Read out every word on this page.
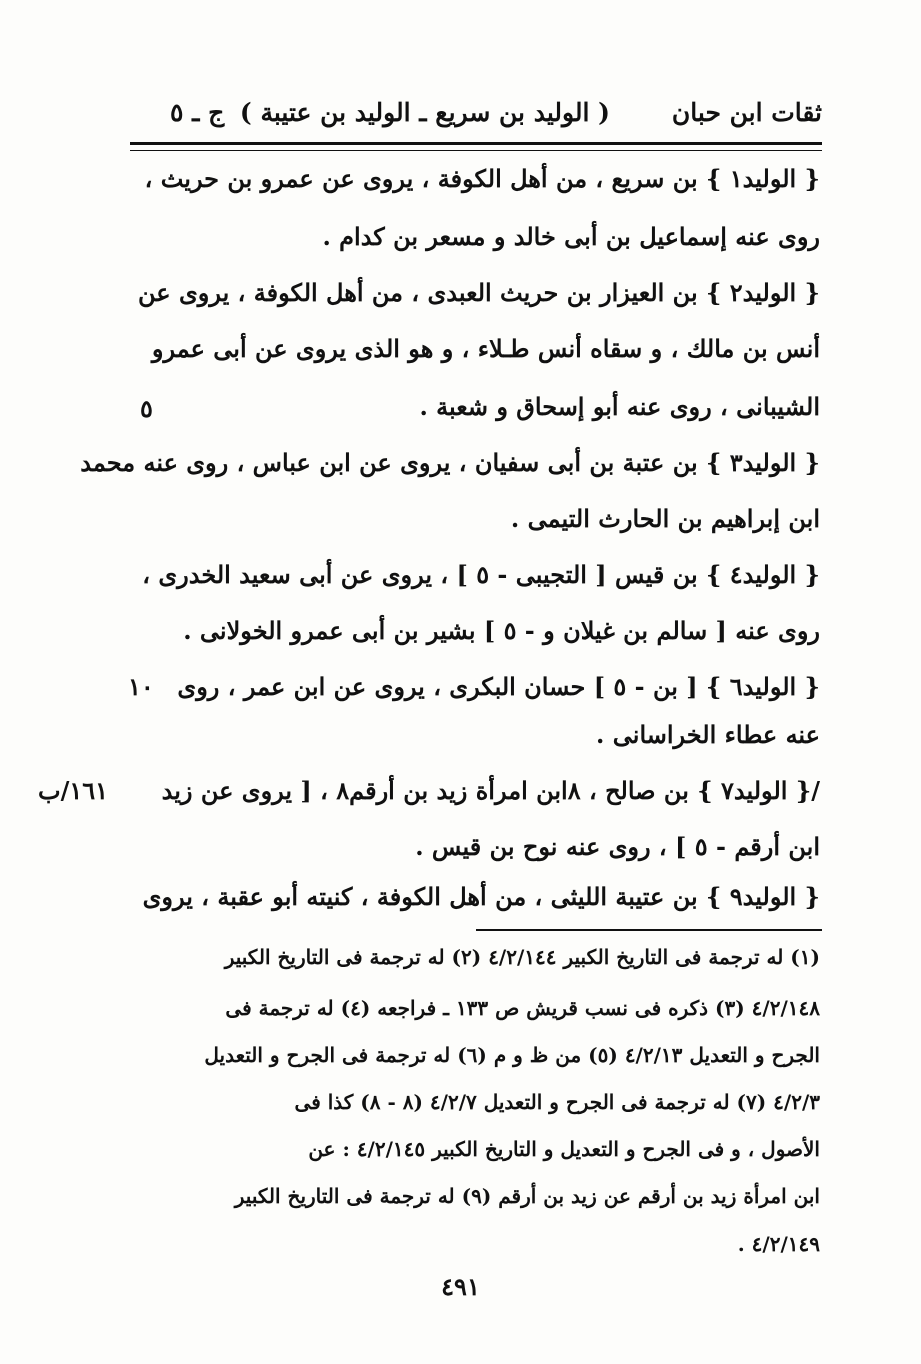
ثقات ابن حبان
( الوليد بن سريع ـ الوليد بن عتيبة )
ج ـ ٥
{ الوليد١ } بن سريع ، من أهل الكوفة ، يروى عن عمرو بن حريث ،
روى عنه إسماعيل بن أبى خالد و مسعر بن كدام .
{ الوليد٢ } بن العيزار بن حريث العبدى ، من أهل الكوفة ، يروى عن
أنس بن مالك ، و سقاه أنس طـلاء ، و هو الذى يروى عن أبى عمرو
الشيبانى ، روى عنه أبو إسحاق و شعبة .
{ الوليد٣ } بن عتبة بن أبى سفيان ، يروى عن ابن عباس ، روى عنه محمد
ابن إبراهيم بن الحارث التيمى .
{ الوليد٤ } بن قيس [ التجيبى - ٥ ] ، يروى عن أبى سعيد الخدرى ،
روى عنه [ سالم بن غيلان و - ٥ ] بشير بن أبى عمرو الخولانى .
{ الوليد٦ } [ بن - ٥ ] حسان البكرى ، يروى عن ابن عمر ، روى
عنه عطاء الخراسانى .
/{ الوليد٧ } بن صالح ، ٨ابن امرأة زيد بن أرقم٨ ، [ يروى عن زيد
ابن أرقم - ٥ ] ، روى عنه نوح بن قيس .
{ الوليد٩ } بن عتيبة الليثى ، من أهل الكوفة ، كنيته أبو عقبة ، يروى
٥
١٠
١٦١/ب
(١) له ترجمة فى التاريخ الكبير ٤/٢/١٤٤ (٢) له ترجمة فى التاريخ الكبير
٤/٢/١٤٨ (٣) ذكره فى نسب قريش ص ١٣٣ ـ فراجعه (٤) له ترجمة فى
الجرح و التعديل ٤/٢/١٣ (٥) من ظ و م (٦) له ترجمة فى الجرح و التعديل
٤/٢/٣ (٧) له ترجمة فى الجرح و التعديل ٤/٢/٧ (٨ - ٨) كذا فى
الأصول ، و فى الجرح و التعديل و التاريخ الكبير ٤/٢/١٤٥ : عن
ابن امرأة زيد بن أرقم عن زيد بن أرقم (٩) له ترجمة فى التاريخ الكبير
٤/٢/١٤٩ .
٤٩١
